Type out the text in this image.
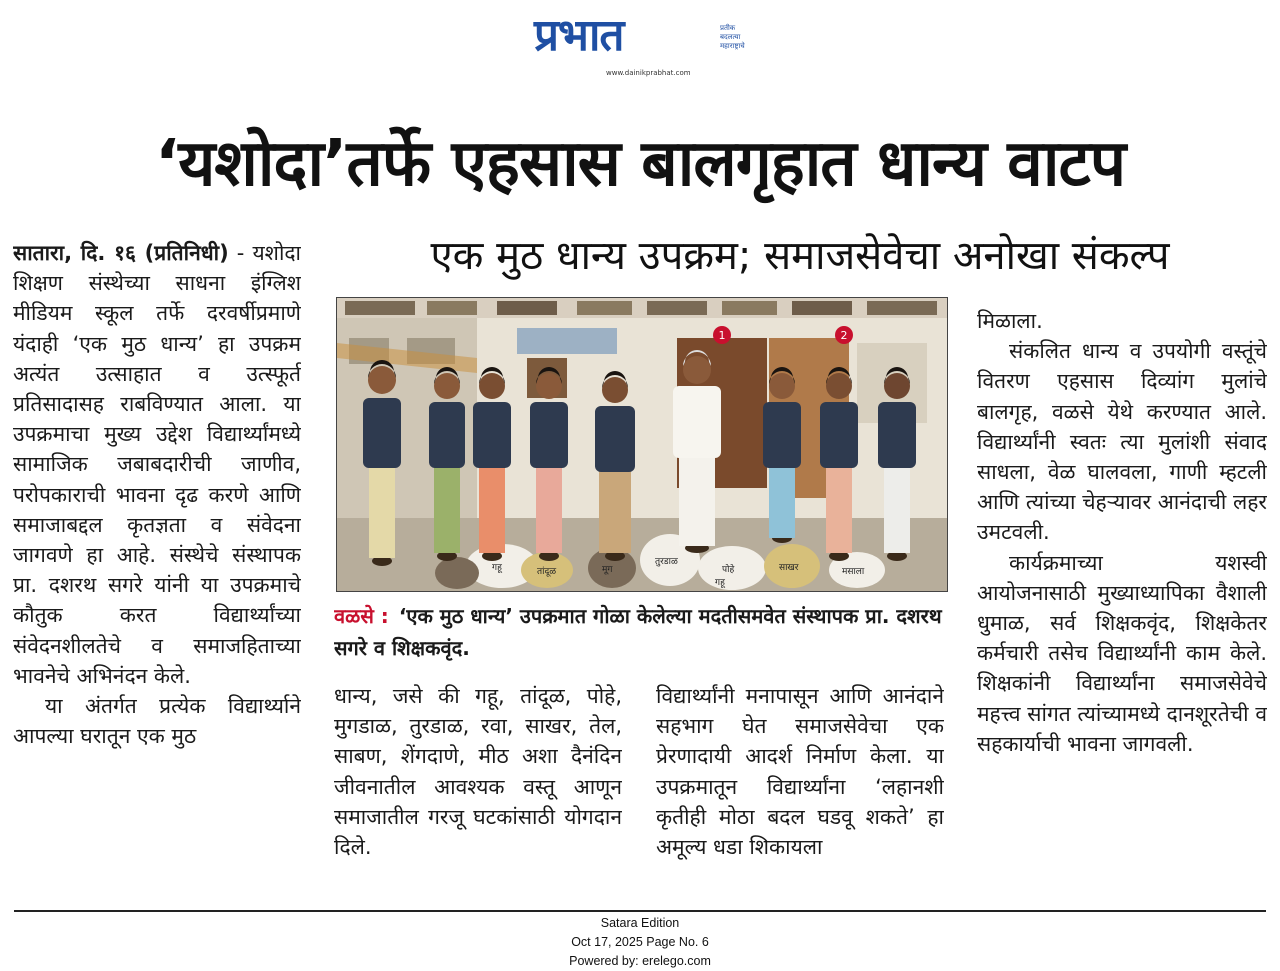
प्रभात	प्रतीक
बदलत्या
महाराष्ट्राचे
www.dainikprabhat.com
‘यशोदा’तर्फे एहसास बालगृहात धान्य वाटप
एक मुठ धान्य उपक्रम; समाजसेवेचा अनोखा संकल्प

सातारा, दि. १६ (प्रतिनिधी) - यशोदा शिक्षण संस्थेच्या साधना इंग्लिश मीडियम स्कूल तर्फे दरवर्षीप्रमाणे यंदाही ‘एक मुठ धान्य’ हा उपक्रम अत्यंत उत्साहात व उत्स्फूर्त प्रतिसादासह राबविण्यात आला. या उपक्रमाचा मुख्य उद्देश विद्यार्थ्यांमध्ये सामाजिक जबाबदारीची जाणीव, परोपकाराची भावना दृढ करणे आणि समाजाबद्दल कृतज्ञता व संवेदना जागवणे हा आहे. संस्थेचे संस्थापक प्रा. दशरथ सगरे यांनी या उपक्रमाचे कौतुक करत विद्यार्थ्यांच्या संवेदनशीलतेचे व समाजहिताच्या भावनेचे अभिनंदन केले.

या अंतर्गत प्रत्येक विद्यार्थ्याने आपल्या घरातून एक मुठ

1	2
गहू	तांदूळ	मूग
तुरडाळ
पोहे	साखर
गहू
मसाला
वळसे : ‘एक मुठ धान्य’ उपक्रमात गोळा केलेल्या मदतीसमवेत संस्थापक प्रा. दशरथ सगरे व शिक्षकवृंद.

धान्य, जसे की गहू, तांदूळ, पोहे, मुगडाळ, तुरडाळ, रवा, साखर, तेल, साबण, शेंगदाणे, मीठ अशा दैनंदिन जीवनातील आवश्यक वस्तू आणून समाजातील गरजू घटकांसाठी योगदान दिले.

विद्यार्थ्यांनी मनापासून आणि आनंदाने सहभाग घेत समाजसेवेचा एक प्रेरणादायी आदर्श निर्माण केला. या उपक्रमातून विद्यार्थ्यांना ‘लहानशी कृतीही मोठा बदल घडवू शकते’ हा अमूल्य धडा शिकायला

मिळाला.

संकलित धान्य व उपयोगी वस्तूंचे वितरण एहसास दिव्यांग मुलांचे बालगृह, वळसे येथे करण्यात आले. विद्यार्थ्यांनी स्वतः त्या मुलांशी संवाद साधला, वेळ घालवला, गाणी म्हटली आणि त्यांच्या चेहऱ्यावर आनंदाची लहर उमटवली.

कार्यक्रमाच्या यशस्वी आयोजनासाठी मुख्याध्यापिका वैशाली धुमाळ, सर्व शिक्षकवृंद, शिक्षकेतर कर्मचारी तसेच विद्यार्थ्यांनी काम केले. शिक्षकांनी विद्यार्थ्यांना समाजसेवेचे महत्त्व सांगत त्यांच्यामध्ये दानशूरतेची व सहकार्याची भावना जागवली.

Satara Edition
Oct 17, 2025 Page No. 6
Powered by: erelego.com
